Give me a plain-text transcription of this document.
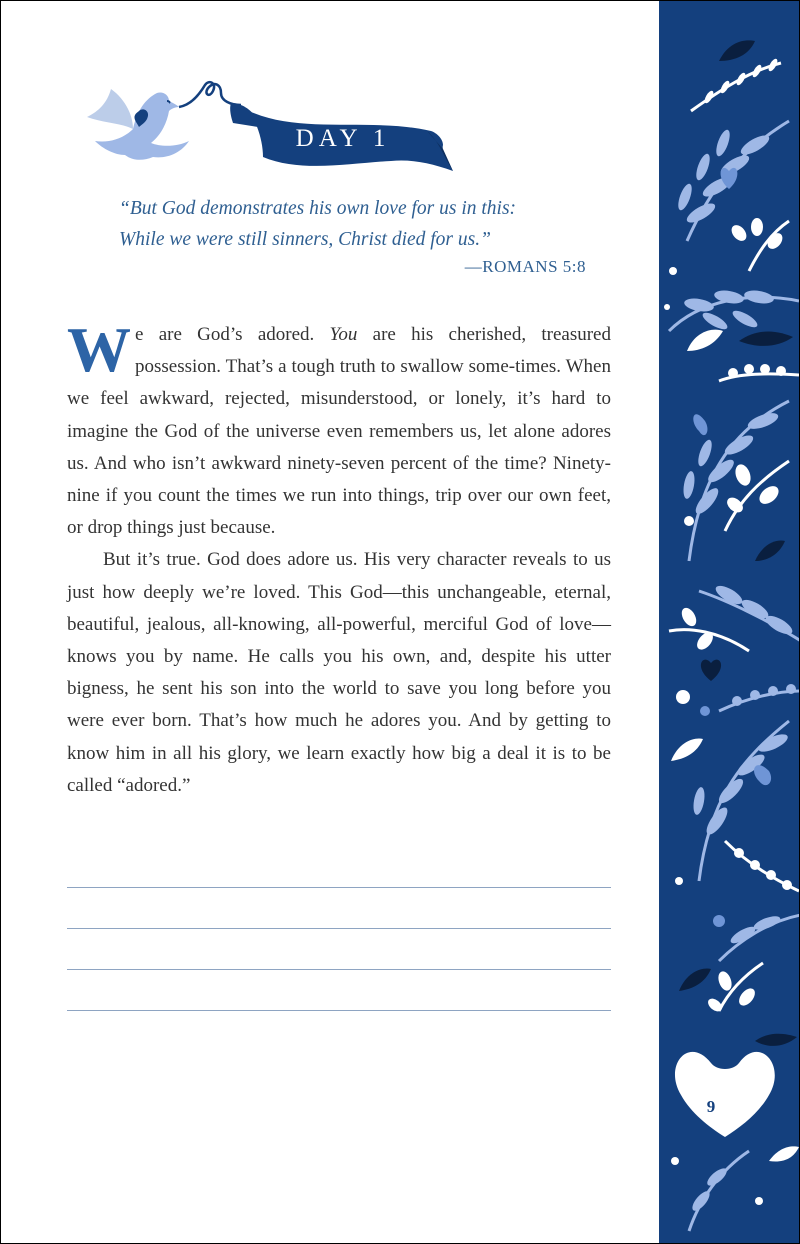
DAY 1

“But God demonstrates his own love for us in this:

While we were still sinners, Christ died for us.”

—ROMANS 5:8

We are God’s adored. You are his cherished, treasured possession. That’s a tough truth to swallow some-times. When we feel awkward, rejected, misunderstood, or lonely, it’s hard to imagine the God of the universe even remembers us, let alone adores us. And who isn’t awkward ninety-seven percent of the time? Ninety-nine if you count the times we run into things, trip over our own feet, or drop things just because.

But it’s true. God does adore us. His very character reveals to us just how deeply we’re loved. This God—this unchangeable, eternal, beautiful, jealous, all-knowing, all-powerful, merciful God of love—knows you by name. He calls you his own, and, despite his utter bigness, he sent his son into the world to save you long before you were ever born. That’s how much he adores you. And by getting to know him in all his glory, we learn exactly how big a deal it is to be called “adored.”

9
